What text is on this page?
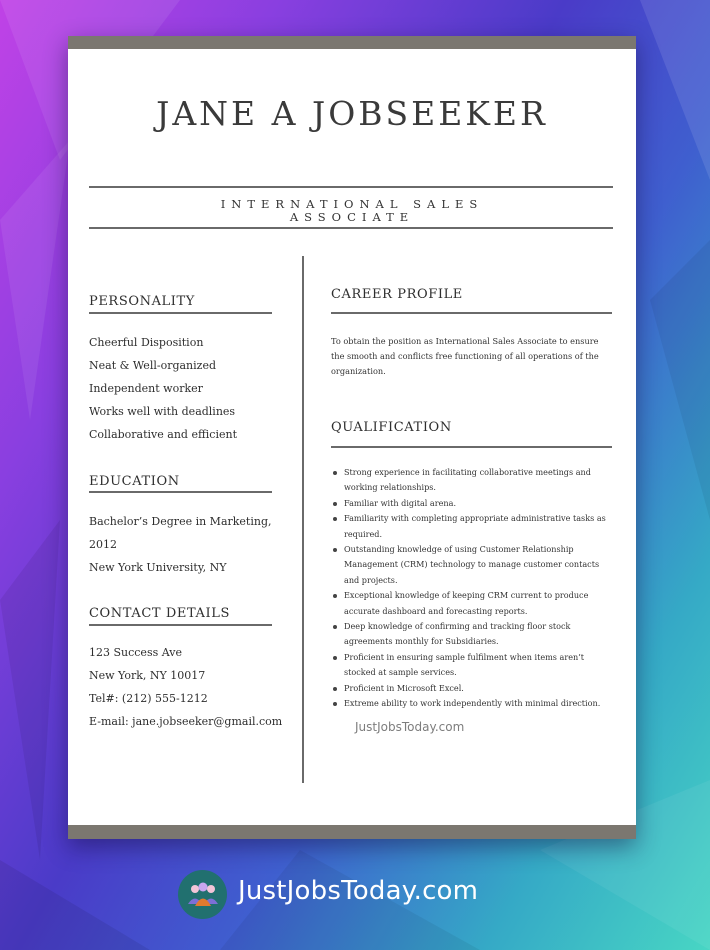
JANE A JOBSEEKER
INTERNATIONAL SALES ASSOCIATE
PERSONALITY
Cheerful Disposition
Neat & Well-organized
Independent worker
Works well with deadlines
Collaborative and efficient
EDUCATION
Bachelor’s Degree in Marketing,
2012
New York University, NY
CONTACT DETAILS
123 Success Ave
New York, NY 10017
Tel#: (212) 555-1212
E-mail: jane.jobseeker@gmail.com
CAREER PROFILE
To obtain the position as International Sales Associate to ensure the smooth and conflicts free functioning of all operations of the organization.
QUALIFICATION
Strong experience in facilitating collaborative meetings and working relationships.
Familiar with digital arena.
Familiarity with completing appropriate administrative tasks as required.
Outstanding knowledge of using Customer Relationship Management (CRM) technology to manage customer contacts and projects.
Exceptional knowledge of keeping CRM current to produce accurate dashboard and forecasting reports.
Deep knowledge of confirming and tracking floor stock agreements monthly for Subsidiaries.
Proficient in ensuring sample fulfilment when items aren’t stocked at sample services.
Proficient in Microsoft Excel.
Extreme ability to work independently with minimal direction.
JustJobsToday.com
JustJobsToday.com
